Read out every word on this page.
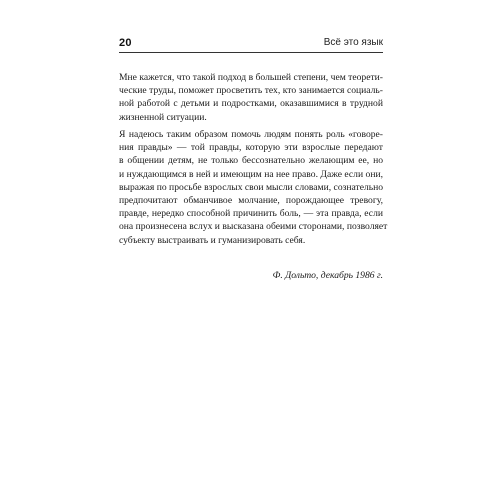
20	Всё это язык
Мне кажется, что такой подход в большей степени, чем теорети-
ческие труды, поможет просветить тех, кто занимается социаль-
ной работой с детьми и подростками, оказавшимися в трудной
жизненной ситуации.
Я надеюсь таким образом помочь людям понять роль «говоре-
ния правды» — той правды, которую эти взрослые передают
в общении детям, не только бессознательно желающим ее, но
и нуждающимся в ней и имеющим на нее право. Даже если они,
выражая по просьбе взрослых свои мысли словами, сознательно
предпочитают обманчивое молчание, порождающее тревогу,
правде, нередко способной причинить боль, — эта правда, если
она произнесена вслух и высказана обеими сторонами, позволяет
субъекту выстраивать и гуманизировать себя.
Ф. Дольто, декабрь 1986 г.
